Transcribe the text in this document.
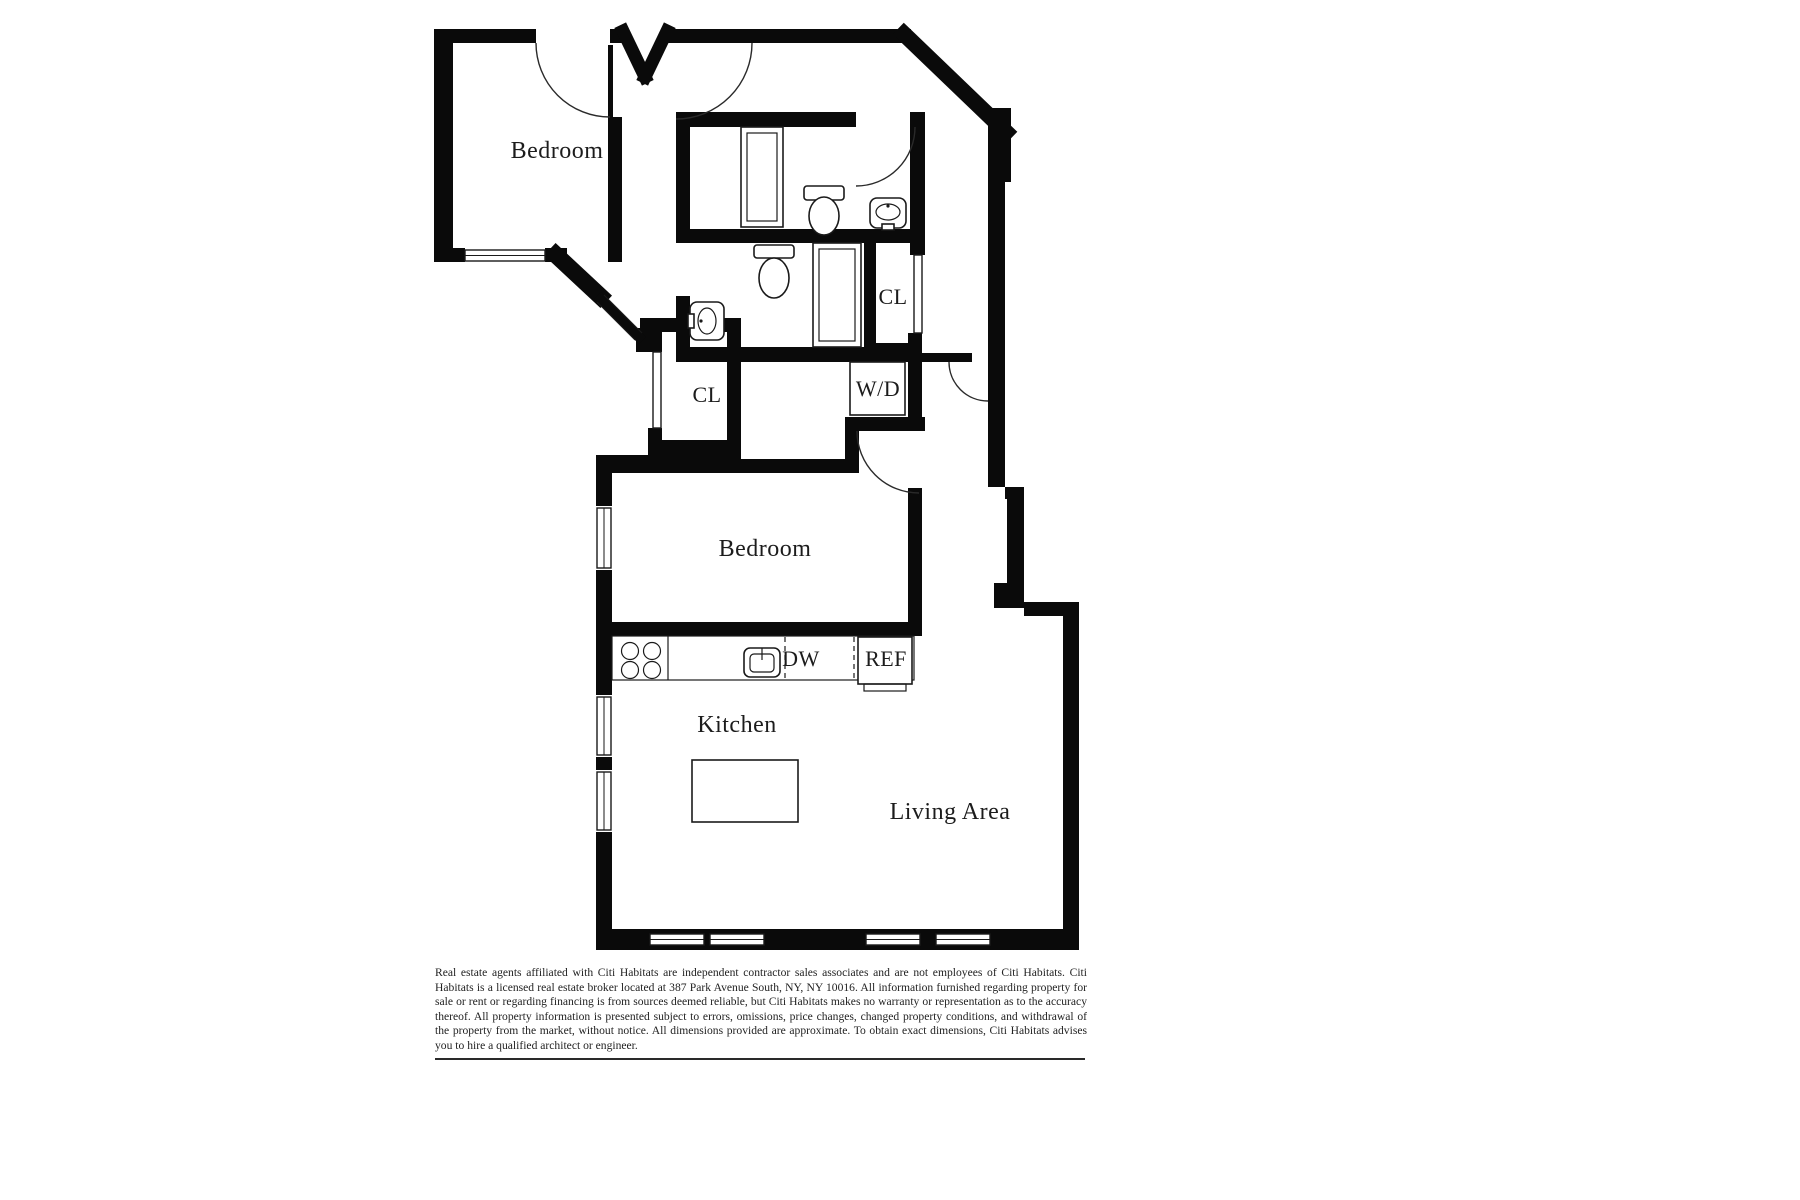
Bedroom
Bedroom
Kitchen
Living Area
CL
CL	W/D
DW REF
Real estate agents affiliated with Citi Habitats are independent contractor sales associates and are not employees of Citi Habitats. Citi Habitats is a licensed real estate broker located at 387 Park Avenue South, NY, NY 10016. All information furnished regarding property for sale or rent or regarding financing is from sources deemed reliable, but Citi Habitats makes no warranty or representation as to the accuracy thereof. All property information is presented subject to errors, omissions, price changes, changed property conditions, and withdrawal of the property from the market, without notice. All dimensions provided are approximate. To obtain exact dimensions, Citi Habitats advises you to hire a qualified architect or engineer.
